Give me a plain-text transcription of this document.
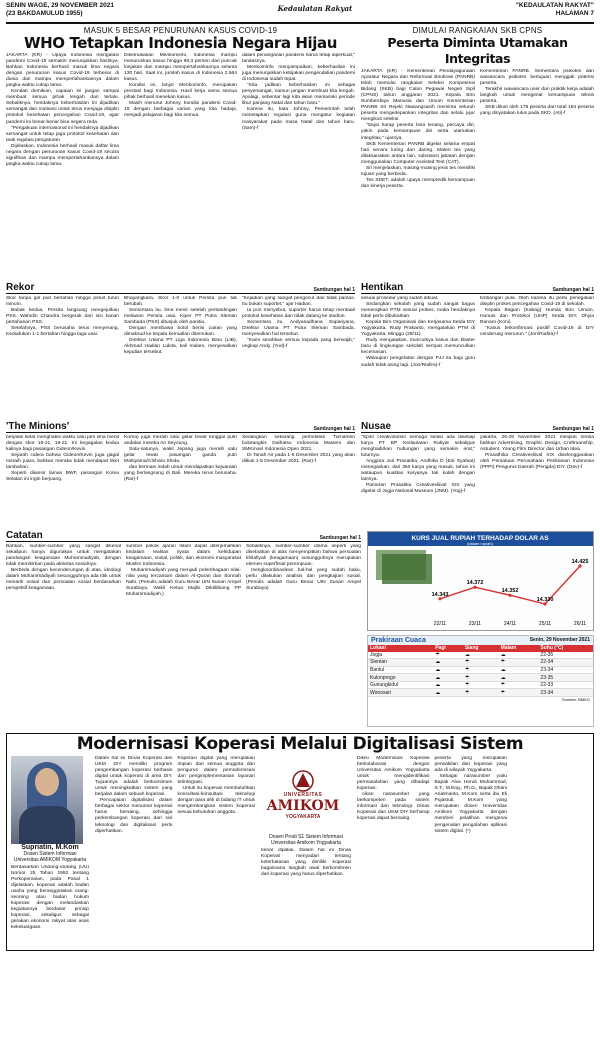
SENIN WAGE, 29 NOVEMBER 2021
(23 BAKDAMULUD 1955)
Kedaulatan Rakyat	"KEDAULATAN RAKYAT"
HALAMAN 7
MASUK 5 BESAR PENURUNAN KASUS COVID-19
WHO Tetapkan Indonesia Negara Hijau

JAKARTA (KR) - Upaya Indonesia mengatasi pandemi Covid-19 semakin menunjukkan hasilnya. Bahkan Indonesia berhasil masuk lima negara dengan penurunan kasus Covid-19 terbesar di dunia dan mampu memperlahankannya dalam jangka waktu cukup lama.

Kendati demikian, capaian ini jangan sampai membuat semua pihak lengah dan terlalu. Sebaliknya, hendaknya keberhasilan ini dijadikan semangat dan motivasi untuk terus menjaga disiplin protokol kesehatan pencegahan Covid-19, agar pandemi ini benar-benar bisa segera reda.

"Pengakuan internasional ini hendaknya dijadikan semangat untuk tetap jaga protokol kesehatan dan taati regulasi pengaturan

Dijelaskan, Indonesia berhasil masuk daftar lima negara dengan penurunan kasus Covid-19 secara signifikan dan mampu mempertahankannya dalam jangka waktu cukup lama.

Dikemukakan Menkominfo, Indonesia mampu menurunkan kasus hingga 99,3 persen dari puncak lonjakan dan mampu mempertahankannya selama 130 hari. Saat ini, jumlah kasus di Indonesia 2.564 kasus.

Kondisi ini, lanjut Menkominfo, merupakan prestasi bagi Indonesia. Hasil kerja sama semua pihak berhasil menekan kasus.

Masih menurut Johnny, kondisi pandemi Covid-19 dengan berbagai varian yang kita hadapi, menjadi pelajaran bagi kita semua.

dalam penanganan pandemi harus tetap diperkuat," tandasnya.

Menkominfo menyampaikan, keberhasilan ini juga menunjukkan kebijakan pengendalian pandemi di Indonesia sudah tepat.

"Kita jadikan keberhasilan ini sebagai penyemangat, namun jangan membuat kita lengah. Apalagi, sebentar lagi kita akan memasuki periode libur panjang Natal dan tahun baru."

Karena itu, kata Johnny, Pemerintah telah menetapkan regulasi guna mengatur kegiatan masyarakat pada masa Natal dan tahun baru. (Sam)-f

DIMULAI RANGKAIAN SKB CPNS
Peserta Diminta Utamakan Integritas

JAKARTA (KR) - Kementerian Pendayagunaan Aparatur Negara dan Reformasi Birokrasi (PANRB) telah memulai rangkaian Seleksi Kompetensi Bidang (SKB) bagi Calon Pegawai Negeri Sipil (CPNS) tahun anggaran 2021. Kepala Biro Sumberdaya Manusia dan Umum Kementerian PANRB Sri Rejeki Nawangsasih meminta seluruh peserta mengedepankan integritas dan selalu jujur mengikuti seleksi.

"Saya harap peserta bisa tenang, percaya diri, yakin pada kemampuan diri serta utamakan integritas," ujarnya.

SKB Kementerian PANRB digelar selama empat hari secara luring dan daring. Materi tes yang dilaksanakan antara lain, substansi jabatan dengan menggunakan Computer Assisted Test (CAT).

Sri menjelaskan, masing-masing jenis tes memiliki tujuan yang berbeda.

Tes SDET, adalah upaya mempredik kemampuan dan kinerja peserta.

Kementerian PANRB. Sementara psikotes dan wawancara psikotes bertujuan menggali potensi peserta.

Terakhir wawancara user dan praktik kerja adalah langkah untuk mengenal kemampuan teknis peserta.

SKB dikuti oleh 178 peserta dari total 184 peserta yang dinyatakan lulus pada SKD. (Ati)-f

Rekor	Sambungan hal 1

Skor tanpa gol pun bertahan hingga peluit turun minum.

Babak kedua, Persita langsung mengejutkan PSS. Wahidin Chandra bergerak dari sisi kanan pertahanan PSS.

Setelahnya, PSS berusaha terus menyerang. Kedudukan 1-1 bertahan hingga laga usai.

Bhayangkara. Skor 1-0 untuk Persita pun tak berubah.

Sementara itu, lima menit setelah pertandingan melawan Persita usai, Kiper PT Putra Sleman Sambada (PSS) ditunjuk oleh panitia.

Dengan membawa botol berisi cairan yang dimaksud ke kepala kemudian ditemukan.

Direktur Utama PT Liga Indonesia Baru (LIB), Akhmad Hadian Lukita, kali malam, menyesalkan kejadian tersebut.

"Kejadian yang sangat pengecut dan tidak pantas. Itu bukan suporter," ujar Hadian.

Ia pun menyebut, suporter harus tetap mentaati protokol kesehatan dan tidak datang ke stadion.

Sementara itu, Andyanadhana Sapariyana, Direktur Utama PT Putra Sleman Sambada, menyesalkan hal tersebut.

"Kami serahkan semua kepada yang berwajib," ungkap Andy. (Yud)-f

Hentikan	Sambungan hal 1

sesuai prosedur yang sudah dibuat.

Sedangkan sekolah yang sudah sangat bagus menerapkan PTM sesuai prokes, maka hendaknya tidak perlu dibubarkan.

Kepala Biro Organisasi dan Kerjasama Setda DIY Yogyakarta, Rudy Prakanto, mengatakan PTM di Yogyakarta, Minggu (28/11).

Rudy mengatakan, munculnya kasus dan klaster baru di lingkungan sekolah sempat memunculkan kecemasan.

Walaupun pengetatan dengan PJJ itu bagi guru sudah tidak asing lagi. (Jon/Riafira)-f

timbangan pula. Oleh karena itu perlu penegakan disiplin prokes pencegahan Covid-19 di sekolah.

Kepala Bagian (Kabag) Humas Biro Umum, Humas dan Protokol (UHP) Setda DIY, Dhyia Ranaro (Koni).

"Kasus terkonfirmasi positif Covid-19 di DIY cenderung menurun." (Jon/Riafira)-f

'The Minions'	Sambungan hal 1

berjalan ketat menghabis waktu satu jam lima menit dengan skor 19-21, 19-21. Ini kegagalan kedua kalinya bagi pasangan Gideon/Kevin.

Sejarah cidera bahwa Gideon/Kevin juga gagal meraih juara, bahkan meraka tidak mendapat tiket tambahan.

Seperti diiansir laman BWF, pasangan Korea Selatan ini ingin berjuang.

Korea) juga meraih satu gelar lewat tunggal putri andalan mereka An Seyoung.

Satu-satunya, wakil Jepang juga meraih satu gelar lewat pasangan ganda putri Mahiyama/Chiharu Shida.

dan bermain indah untuk mendapatkan kejuaraan yang berlangsung di Bali. Mereka terus berusaha. (Rar)-f

Sedangkan sekarang perhelatan Turnamen bulutangkis Daihatsu Indonesia Masters dan SMKmoel Indonesia Open 2021.

Di Tanah Air pada 1-5 Desember 2021 yang akan diikuti 1-5 Desember 2021. (Rar)-f

Nusae	Sambungan hal 1

"Spirit creativolution semoga selalu ada disetiap karya PT BP Kedaulatan Rakyat sekaligus menghadirkan hubungan yang semakin erat," tuturnya.

Anggota Juri Prasatika, Andhika D (Edi Syafaat) menegaskan, dari 350 karya yang masuk, tahun ini wataupun kualitas karyanya tak kalah dengan lainnya.

Pameran Prasatika Creativesliival XIX yang digelar di Jogja National Museum (JNM). (Yog)-f

yakarta, 26-28 November 2021 meliputi lomba bahkan Advertising, Graphic Design, Craftmanship, Astudent, Young Film Director dan Urban Idea.

Prasathika Creativesliival XIX diselenggarakan oleh Persatuan Perusahaan Periklanan Indonesia (PPPI) Pengurus Daerah (Pengda) DIY. (Dev)-f

Catatan	Sambungan hal 1

Bahkan, sumber-sumber yang sangat dikenal sekalipun hanya digunakan untuk mengatakan pandangan keagamaan Muhammadiyah, dengan tidak memikirkan pada aktivitas sosialnya.

Berbeda dengan kecenderungan di atas, ideologi dalam Muhammadiyah sesungguhnya ada titik untuk menarik sosial dan persoalan sosial berdasarkan perspektif keagamaan.

sumber pokok ajaran Islam dapat diterjemahkan kedalam realitas nyata dalam kehidupan keagamaan, sosial, politik, dan ekonomi masyarakat Muslim Indonesia.

Muhammadiyah yang menjadi pelembagaan nilai-nilai yang tercantum dalam Al-Quran dan Sunnah Nabi. (Penulis adalah Guru Besar UIN Sunan Ampel Surabaya, Wakil Ketua Majlis Diktilitbang PP Muhammadiyah.)

Sebaliknya, sumber-sumber utama seperti yang disebutkan di atas menyempitkan bahwa persoalan khilafiyah (keagamaan) sesungguhnya merupakan elemen superfisial perempuan.

mengkoordinasikan hal-hal yang sudah baku, perlu dilakukan analisis dan pengkajian sosial. (Penulis adalah Guru Besar UIN Sunan Ampel Surabaya)

KURS JUAL RUPIAH TERHADAP DOLAR AS
(dalam rupiah)
14.343
22/11
14.372
23/11
14.352
24/11
14.330
25/11
14.425
26/11
Prakiraan Cuaca	Senin, 29 November 2021
Lokasi	Pagi	Siang	Malam	Suhu (°C)
Jogja	☂	☁	☁	22-35
Sleman	☁	☂	☂	22-34
Bantul	☁	☂	☁	23-34
Kulonprogo	☁	☂	☁	23-35
Gunungkidul	☁	☂	☂	22-33
Wonosari	☁	☂	☂	23-34
Sumber: BMKG
Modernisasi Koperasi Melalui Digitalisasi Sistem
Supriatin, M.Kom
Dosen Sistem Informasi
Universitas AMIKOM Yogyakarta

Berdasarkan Undang-undang (UU) Nomor 25 Tahun 1992 tentang Perkoperasian, pada Pasal 1 dijelaskan, koperasi adalah badan usaha yang beranggotakan orang-seorang atau badan hukum koperasi dengan melandaskan kegiatannya berdasar prinsip koperasi, sekaligus sebagai gerakan ekonomi rakyat atas asas kekeluargaan.

Dalam hal ini Dinas Koperasi dan UKM DIY memiliki program pengembangan koperasi berbasis digital untuk koperasi di area DIY. Tujuannya adalah berkomitmen untuk meningkatkan sistem yang berjalan dalam sebuah koperasi.

Pencapaian digitalisasi dalam berbagai sektor menuntut koperasi harus bersaing, sehingga perkembangan koperasi dari sisi teknologi dan digitalisasi perlu diperhatikan.

Koperasi digital yang merupakan impian dari semua anggota dan pengurus dalam pemodernisasi dan pengimplementasian layanan terintegrasi.

Untuk itu koperasi membutuhkan konsultasi-konsultasi teknologi dengan para ahli di bidang IT untuk mengembangkan sistem koperasi sesuai kebutuhan anggota.

UNIVERSITAS
AMIKOM
YOGYAKARTA
Dosen Prodi S1 Sistem Informasi Universitas Amikom Yogyakarta

benar dipakai. Dalam hal ini Dinas Koperasi menyadari tentang keterbatasan yang dimiliki koperasi bagaimana langkah awal berkomitmen dari koperasi yang harus diperhatikan.

Dikisi Modernisasi Koperasi berkolaborasi dengan Universitas Amikom Yogyakarta untuk mengidentifikasi permasalahan yang dihadapi koperasi.

cikan narasumber yang berkompeten pada sistem informasi dan teknologi. Dinas Koperasi dan UKM DIY berharap koperasi dapat bersaing.

peserta yang merupakan perwakilan dari koperasi yang ada di wilayah Yogyakarta.

Sebagai narasumber yaitu Bapak Alva Hendi Muhammad, S.T., M.Eng., Ph.D., Bapak Dhani Ariatmanto, M.Kom serta ibu Eli Pujastuti, M.Kom yang merupakan dosen Universitas Amikom Yogyakarta dengan memberi pelatihan mengenai pengenalan pengolahan aplikasi sistem digital. (*)
